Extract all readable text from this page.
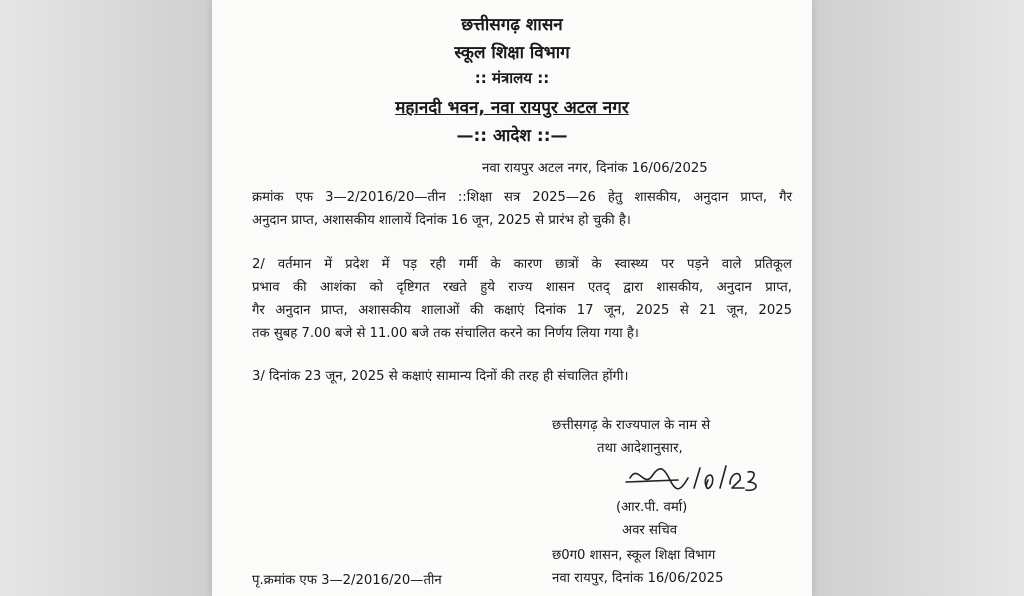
छत्तीसगढ़ शासन
स्कूल शिक्षा विभाग
:: मंत्रालय ::
महानदी भवन, नवा रायपुर अटल नगर
—:: आदेश ::—
नवा रायपुर अटल नगर, दिनांक 16/06/2025
क्रमांक एफ 3—2/2016/20—तीन ::शिक्षा सत्र 2025—26 हेतु शासकीय, अनुदान प्राप्त, गैर
अनुदान प्राप्त, अशासकीय शालायें दिनांक 16 जून, 2025 से प्रारंभ हो चुकी है।
2/ वर्तमान में प्रदेश में पड़ रही गर्मी के कारण छात्रों के स्वास्थ्य पर पड़ने वाले प्रतिकूल
प्रभाव की आशंका को दृष्टिगत रखते हुये राज्य शासन एतद् द्वारा शासकीय, अनुदान प्राप्त,
गैर अनुदान प्राप्त, अशासकीय शालाओं की कक्षाएं दिनांक 17 जून, 2025 से 21 जून, 2025
तक सुबह 7.00 बजे से 11.00 बजे तक संचालित करने का निर्णय लिया गया है।
3/ दिनांक 23 जून, 2025 से कक्षाएं सामान्य दिनों की तरह ही संचालित होंगी।
छत्तीसगढ़ के राज्यपाल के नाम से
तथा आदेशानुसार,
(आर.पी. वर्मा)
अवर सचिव
छ0ग0 शासन, स्कूल शिक्षा विभाग
नवा रायपुर, दिनांक 16/06/2025
पृ.क्रमांक एफ 3—2/2016/20—तीन
